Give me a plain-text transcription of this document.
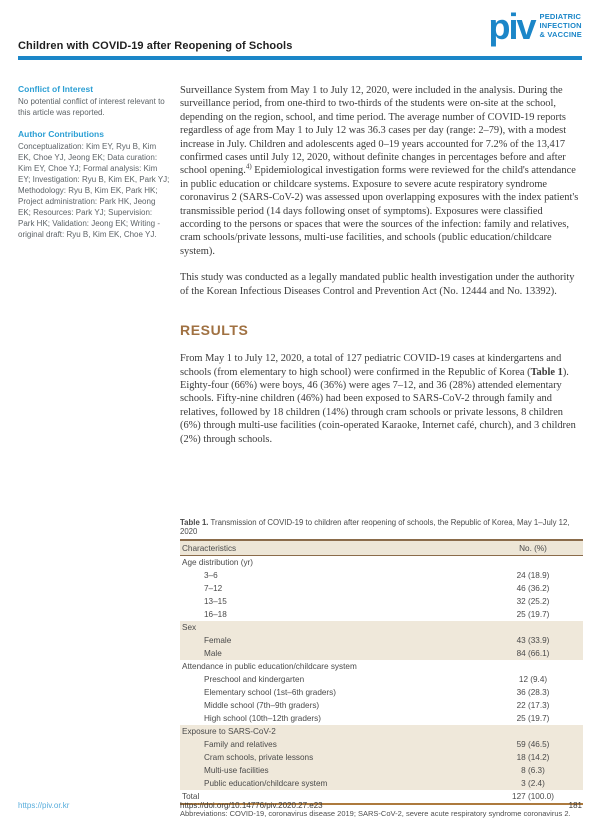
Children with COVID-19 after Reopening of Schools	piv PEDIATRIC
INFECTION
& VACCINE
Conflict of Interest

No potential conflict of interest relevant to this article was reported.

Author Contributions

Conceptualization: Kim EY, Ryu B, Kim EK, Choe YJ, Jeong EK; Data curation: Kim EY, Choe YJ; Formal analysis: Kim EY; Investigation: Ryu B, Kim EK, Park YJ; Methodology: Ryu B, Kim EK, Park HK; Project administration: Park HK, Jeong EK; Resources: Park YJ; Supervision: Park HK; Validation: Jeong EK; Writing - original draft: Ryu B, Kim EK, Choe YJ.

Surveillance System from May 1 to July 12, 2020, were included in the analysis. During the surveillance period, from one-third to two-thirds of the students were on-site at the school, depending on the region, school, and time period. The average number of COVID-19 reports regardless of age from May 1 to July 12 was 36.3 cases per day (range: 2–79), with a modest increase in July. Children and adolescents aged 0–19 years accounted for 7.2% of the 13,417 confirmed cases until July 12, 2020, without definite changes in percentages before and after school opening.$^{4)}$ Epidemiological investigation forms were reviewed for the child's attendance in public education or childcare systems. Exposure to severe acute respiratory syndrome coronavirus 2 (SARS-CoV-2) was assessed upon overlapping exposures with the index patient's transmissible period (14 days following onset of symptoms). Exposures were classified according to the persons or spaces that were the sources of the infection: family and relatives, cram schools/private lessons, multi-use facilities, and schools (public education/childcare system).

This study was conducted as a legally mandated public health investigation under the authority of the Korean Infectious Diseases Control and Prevention Act (No. 12444 and No. 13392).

RESULTS

From May 1 to July 12, 2020, a total of 127 pediatric COVID-19 cases at kindergartens and schools (from elementary to high school) were confirmed in the Republic of Korea (Table 1). Eighty-four (66%) were boys, 46 (36%) were ages 7–12, and 36 (28%) attended elementary schools. Fifty-nine children (46%) had been exposed to SARS-CoV-2 through family and relatives, followed by 18 children (14%) through cram schools or private lessons, 8 children (6%) through multi-use facilities (coin-operated Karaoke, Internet café, church), and 3 children (2%) through schools.

Table 1. Transmission of COVID-19 to children after reopening of schools, the Republic of Korea, May 1–July 12, 2020
Characteristics	No. (%)
Age distribution (yr)	
3–6	24 (18.9)
7–12	46 (36.2)
13–15	32 (25.2)
16–18	25 (19.7)
Sex	
Female	43 (33.9)
Male	84 (66.1)
Attendance in public education/childcare system	
Preschool and kindergarten	12 (9.4)
Elementary school (1st–6th graders)	36 (28.3)
Middle school (7th–9th graders)	22 (17.3)
High school (10th–12th graders)	25 (19.7)
Exposure to SARS-CoV-2	
Family and relatives	59 (46.5)
Cram schools, private lessons	18 (14.2)
Multi-use facilities	8 (6.3)
Public education/childcare system	3 (2.4)
Total	127 (100.0)
Abbreviations: COVID-19, coronavirus disease 2019; SARS-CoV-2, severe acute respiratory syndrome coronavirus 2.
https://piv.or.kr	https://doi.org/10.14776/piv.2020.27.e23	181
